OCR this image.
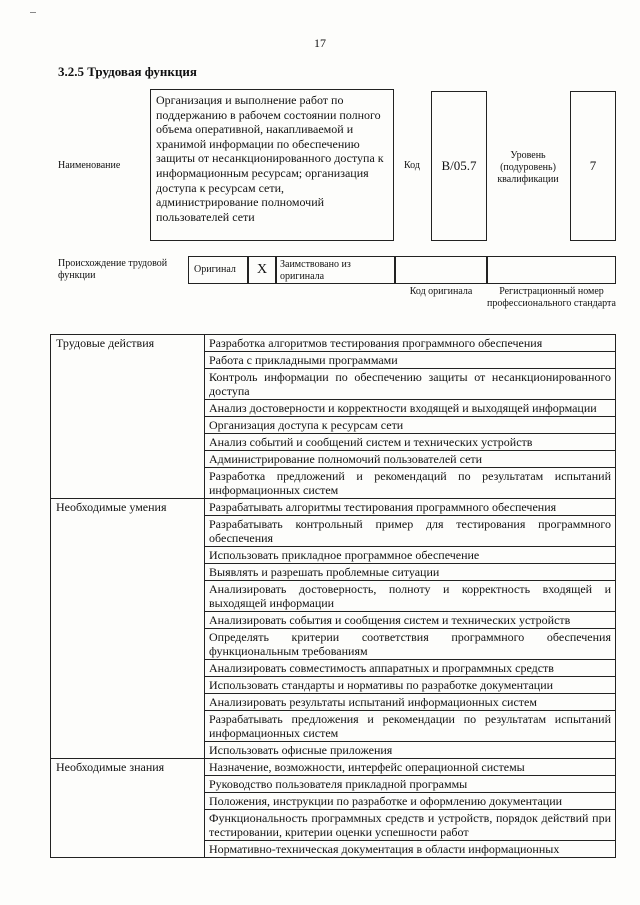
17
3.2.5 Трудовая функция
Наименование
Организация и выполнение работ по поддержанию в рабочем состоянии полного объема оперативной, накапливаемой и хранимой информации по обеспечению защиты от несанкционированного доступа к информационным ресурсам; организация доступа к ресурсам сети, администрирование полномочий пользователей сети
Код B/05.7
Уровень (подуровень) квалификации
7
Происхождение трудовой функции
Оригинал X	Заимствовано из оригинала
Код оригинала	Регистрационный номер профессионального стандарта
Трудовые действия	Разработка алгоритмов тестирования программного обеспечения

	Работа с прикладными программами

	Контроль информации по обеспечению защиты от несанкционированного доступа

	Анализ достоверности и корректности входящей и выходящей информации

	Организация доступа к ресурсам сети

	Анализ событий и сообщений систем и технических устройств

	Администрирование полномочий пользователей сети

	Разработка предложений и рекомендаций по результатам испытаний информационных систем

Необходимые умения	Разрабатывать алгоритмы тестирования программного обеспечения

	Разрабатывать контрольный пример для тестирования программного обеспечения

	Использовать прикладное программное обеспечение

	Выявлять и разрешать проблемные ситуации

	Анализировать достоверность, полноту и корректность входящей и выходящей информации

	Анализировать события и сообщения систем и технических устройств

	Определять критерии соответствия программного обеспечения функциональным требованиям

	Анализировать совместимость аппаратных и программных средств

	Использовать стандарты и нормативы по разработке документации

	Анализировать результаты испытаний информационных систем

	Разрабатывать предложения и рекомендации по результатам испытаний информационных систем

	Использовать офисные приложения

Необходимые знания	Назначение, возможности, интерфейс операционной системы

	Руководство пользователя прикладной программы

	Положения, инструкции по разработке и оформлению документации

	Функциональность программных средств и устройств, порядок действий при тестировании, критерии оценки успешности работ

	Нормативно-техническая документация в области информационных
